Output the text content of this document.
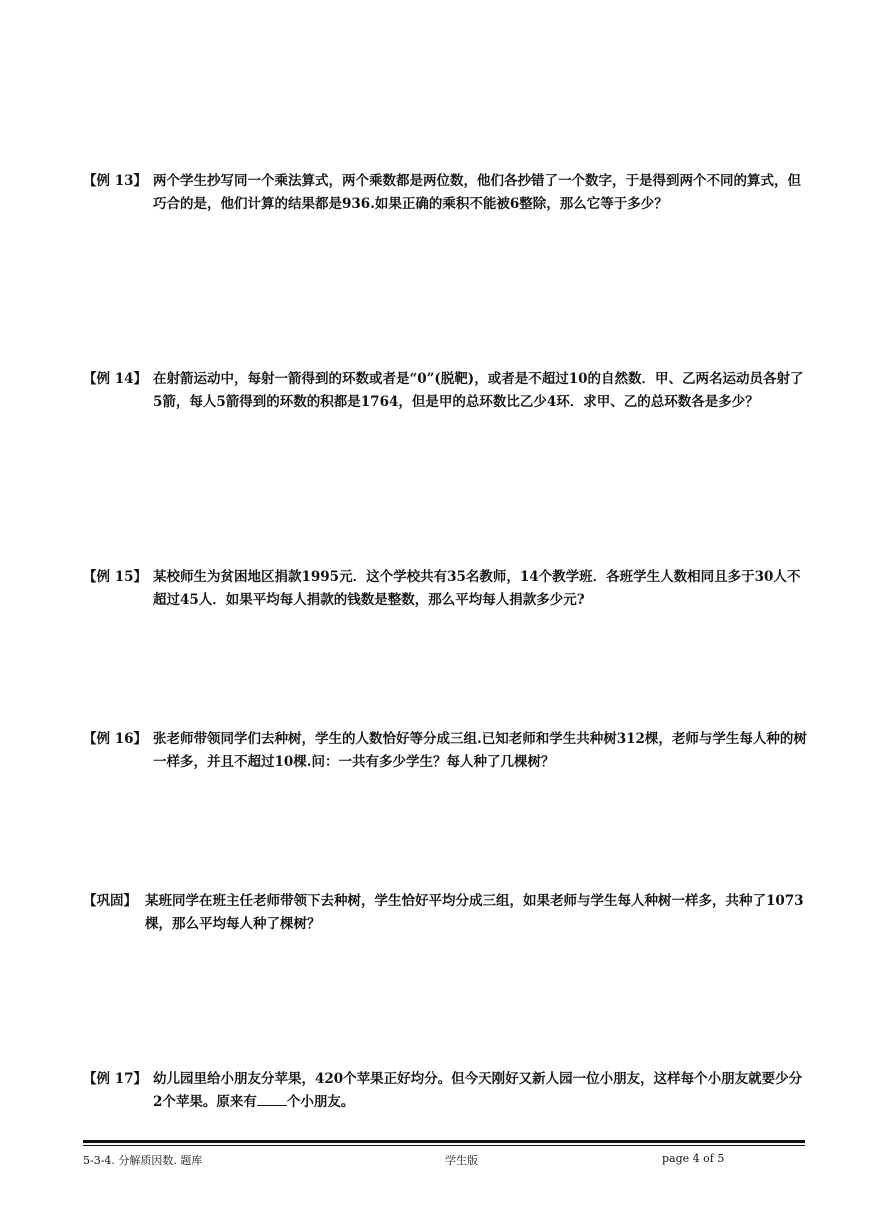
【例 13】 两个学生抄写同一个乘法算式，两个乘数都是两位数，他们各抄错了一个数字，于是得到两个不同的算式，但巧合的是，他们计算的结果都是936.如果正确的乘积不能被6整除，那么它等于多少？
【例 14】 在射箭运动中，每射一箭得到的环数或者是“0”(脱靶)，或者是不超过10的自然数．甲、乙两名运动员各射了5箭，每人5箭得到的环数的积都是1764，但是甲的总环数比乙少4环．求甲、乙的总环数各是多少？
【例 15】 某校师生为贫困地区捐款1995元．这个学校共有35名教师，14个教学班．各班学生人数相同且多于30人不超过45人．如果平均每人捐款的钱数是整数，那么平均每人捐款多少元?
【例 16】 张老师带领同学们去种树，学生的人数恰好等分成三组.已知老师和学生共种树312棵，老师与学生每人种的树一样多，并且不超过10棵.问：一共有多少学生？每人种了几棵树？
【巩固】 某班同学在班主任老师带领下去种树，学生恰好平均分成三组，如果老师与学生每人种树一样多，共种了1073棵，那么平均每人种了棵树？
【例 17】 幼儿园里给小朋友分苹果，420个苹果正好均分。但今天刚好又新人园一位小朋友，这样每个小朋友就要少分2个苹果。原来有 个小朋友。
5-3-4. 分解质因数. 题库	学生版	page 4 of 5
